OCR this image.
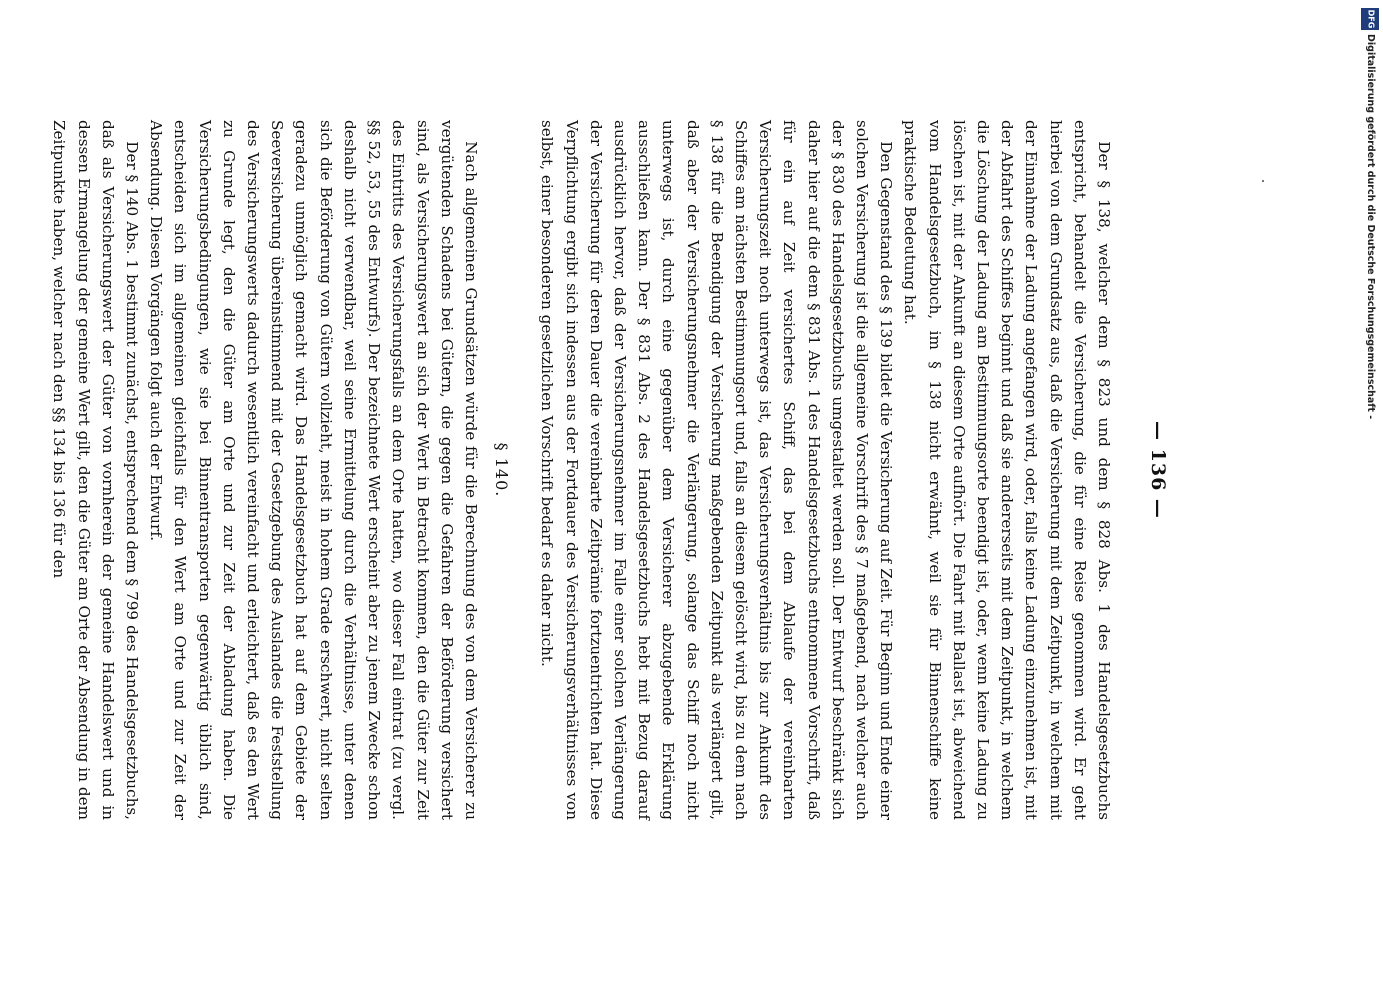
— 136 —

Der § 138, welcher dem § 823 und dem § 828 Abs. 1 des Handelsgesetzbuchs entspricht, behandelt die Versicherung, die für eine Reise genommen wird. Er geht hierbei von dem Grundsatz aus, daß die Versicherung mit dem Zeitpunkt, in welchem mit der Einnahme der Ladung angefangen wird, oder, falls keine Ladung einzunehmen ist, mit der Abfahrt des Schiffes beginnt und daß sie andererseits mit dem Zeitpunkt, in welchem die Löschung der Ladung am Bestimmungsorte beendigt ist, oder, wenn keine Ladung zu löschen ist, mit der Ankunft an diesem Orte aufhört. Die Fahrt mit Ballast ist, abweichend vom Handelsgesetzbuch, im § 138 nicht erwähnt, weil sie für Binnenschiffe keine praktische Bedeutung hat.

Den Gegenstand des § 139 bildet die Versicherung auf Zeit. Für Beginn und Ende einer solchen Versicherung ist die allgemeine Vorschrift des § 7 maßgebend, nach welcher auch der § 830 des Handelsgesetzbuchs umgestaltet werden soll. Der Entwurf beschränkt sich daher hier auf die dem § 831 Abs. 1 des Handelsgesetzbuchs entnommene Vorschrift, daß für ein auf Zeit versichertes Schiff, das bei dem Ablaufe der vereinbarten Versicherungszeit noch unterwegs ist, das Versicherungsverhältnis bis zur Ankunft des Schiffes am nächsten Bestimmungsort und, falls an diesem gelöscht wird, bis zu dem nach § 138 für die Beendigung der Versicherung maßgebenden Zeitpunkt als verlängert gilt, daß aber der Versicherungsnehmer die Verlängerung, solange das Schiff noch nicht unterwegs ist, durch eine gegenüber dem Versicherer abzugebende Erklärung ausschließen kann. Der § 831 Abs. 2 des Handelsgesetzbuchs hebt mit Bezug darauf ausdrücklich hervor, daß der Versicherungsnehmer im Falle einer solchen Verlängerung der Versicherung für deren Dauer die vereinbarte Zeitprämie fortzuentrichten hat. Diese Verpflichtung ergibt sich indessen aus der Fortdauer des Versicherungsverhältnisses von selbst, einer besonderen gesetzlichen Vorschrift bedarf es daher nicht.

§ 140.

Nach allgemeinen Grundsätzen würde für die Berechnung des von dem Versicherer zu vergütenden Schadens bei Gütern, die gegen die Gefahren der Beförderung versichert sind, als Versicherungswert an sich der Wert in Betracht kommen, den die Güter zur Zeit des Eintritts des Versicherungsfalls an dem Orte hatten, wo dieser Fall eintrat (zu vergl. §§ 52, 53, 55 des Entwurfs). Der bezeichnete Wert erscheint aber zu jenem Zwecke schon deshalb nicht verwendbar, weil seine Ermittelung durch die Verhältnisse, unter denen sich die Beförderung von Gütern vollzieht, meist in hohem Grade erschwert, nicht selten geradezu unmöglich gemacht wird. Das Handelsgesetzbuch hat auf dem Gebiete der Seeversicherung übereinstimmend mit der Gesetzgebung des Auslandes die Feststellung des Versicherungswerts dadurch wesentlich vereinfacht und erleichtert, daß es den Wert zu Grunde legt, den die Güter am Orte und zur Zeit der Abladung haben. Die Versicherungsbedingungen, wie sie bei Binnentransporten gegenwärtig üblich sind, entscheiden sich im allgemeinen gleichfalls für den Wert am Orte und zur Zeit der Absendung. Diesen Vorgängen folgt auch der Entwurf.

Der § 140 Abs. 1 bestimmt zunächst, entsprechend dem § 799 des Handelsgesetzbuchs, daß als Versicherungswert der Güter von vornherein der gemeine Handelswert und in dessen Ermangelung der gemeine Wert gilt, den die Güter am Orte der Absendung in dem Zeitpunkte haben, welcher nach den §§ 134 bis 136 für den

DFG
Digitalisierung gefördert durch die Deutsche Forschungsgemeinschaft -
